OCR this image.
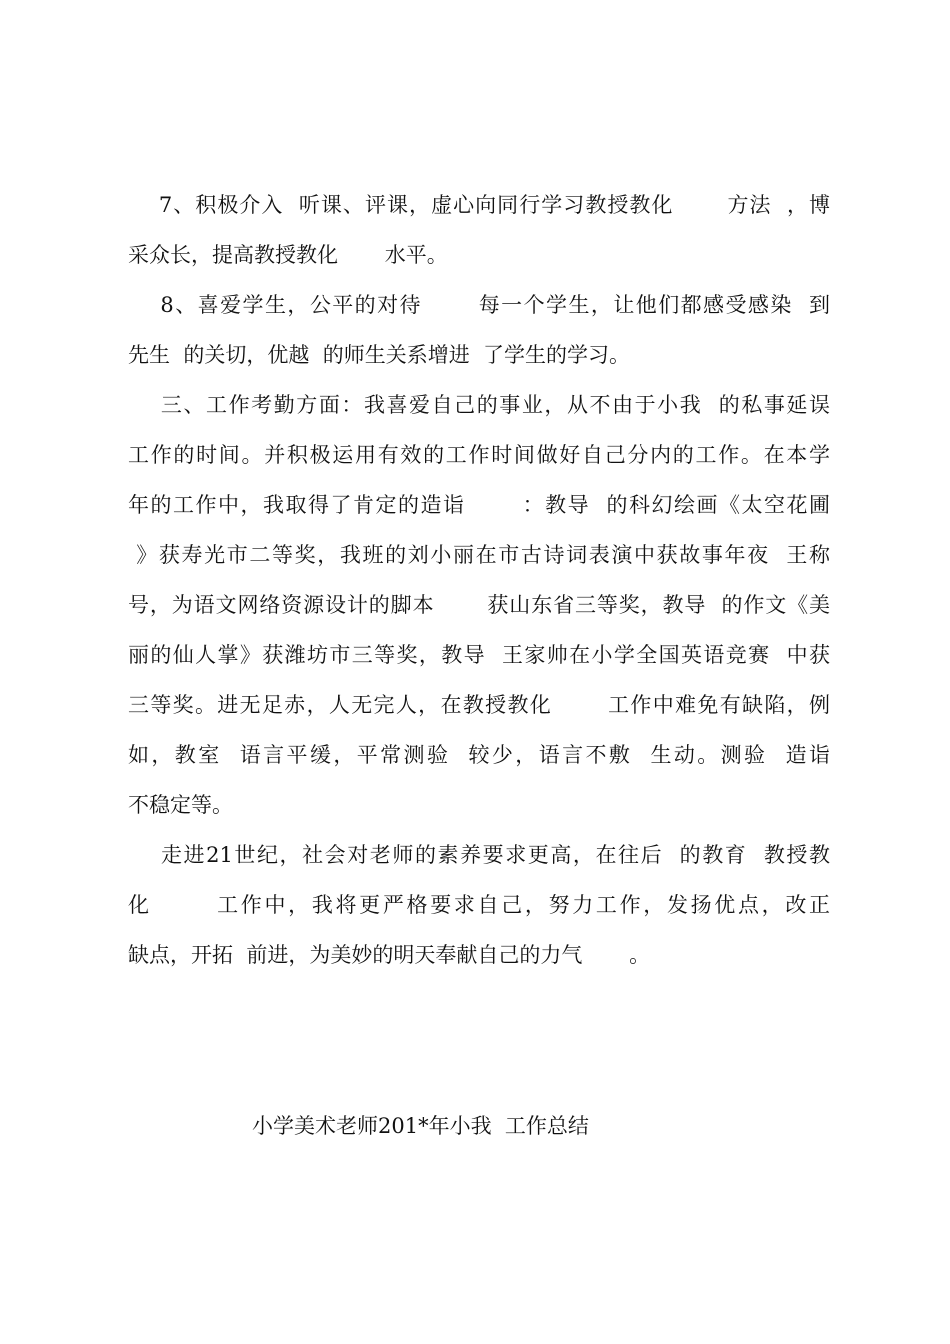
7、积极介入  听课、评课，虚心向同行学习教授教化       方法  ，博
采众长，提高教授教化       水平。
8、喜爱学生，公平的对待       每一个学生，让他们都感受感染  到
先生  的关切，优越  的师生关系增进  了学生的学习。
三、工作考勤方面：我喜爱自己的事业，从不由于小我  的私事延误
工作的时间。并积极运用有效的工作时间做好自己分内的工作。在本学
年的工作中，我取得了肯定的造诣       ：教导  的科幻绘画《太空花圃
》获寿光市二等奖，我班的刘小丽在市古诗词表演中获故事年夜  王称
号，为语文网络资源设计的脚本       获山东省三等奖，教导  的作文《美
丽的仙人掌》获潍坊市三等奖，教导  王家帅在小学全国英语竞赛  中获
三等奖。进无足赤，人无完人，在教授教化       工作中难免有缺陷，例
如，教室  语言平缓，平常测验  较少，语言不敷  生动。测验  造诣
不稳定等。
走进21世纪，社会对老师的素养要求更高，在往后  的教育  教授教
化       工作中，我将更严格要求自己，努力工作，发扬优点，改正
缺点，开拓  前进，为美妙的明天奉献自己的力气       。
小学美术老师201*年小我  工作总结
